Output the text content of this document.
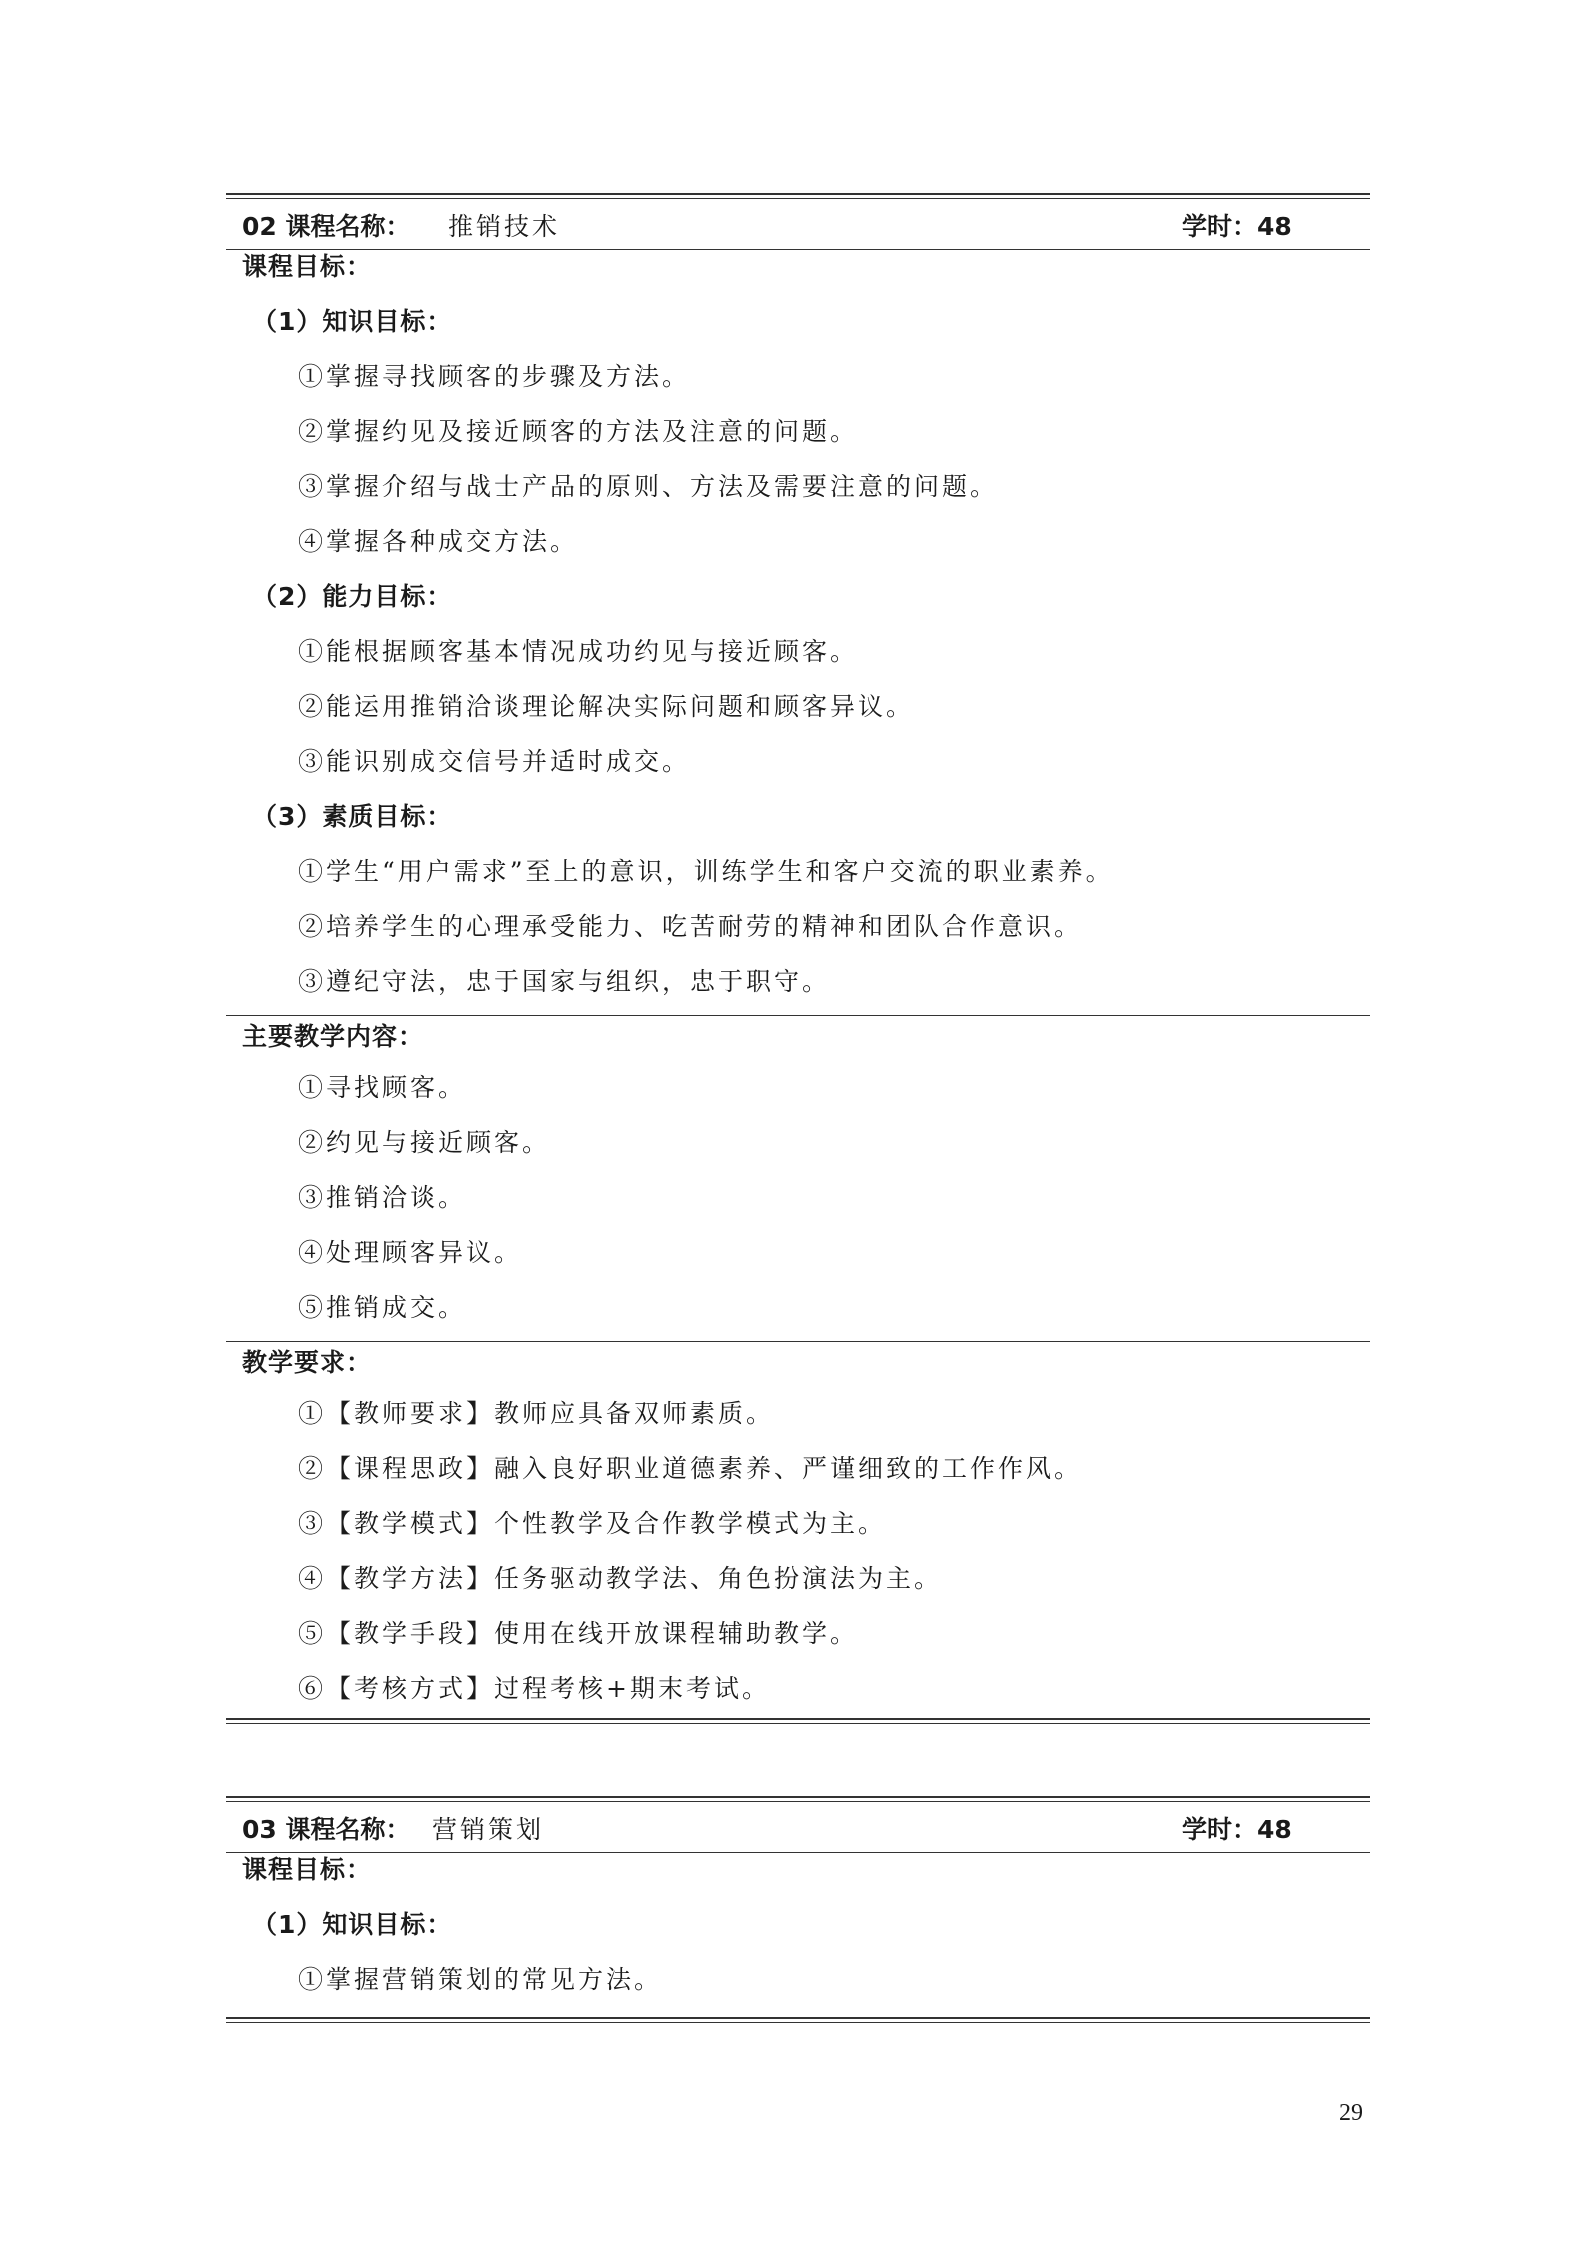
02 课程名称： 推销技术	学时：48
课程目标：
（1）知识目标：
①掌握寻找顾客的步骤及方法。
②掌握约见及接近顾客的方法及注意的问题。
③掌握介绍与战士产品的原则、方法及需要注意的问题。
④掌握各种成交方法。
（2）能力目标：
①能根据顾客基本情况成功约见与接近顾客。
②能运用推销洽谈理论解决实际问题和顾客异议。
③能识别成交信号并适时成交。
（3）素质目标：
①学生“用户需求”至上的意识，训练学生和客户交流的职业素养。
②培养学生的心理承受能力、吃苦耐劳的精神和团队合作意识。
③遵纪守法，忠于国家与组织，忠于职守。
主要教学内容：
①寻找顾客。
②约见与接近顾客。
③推销洽谈。
④处理顾客异议。
⑤推销成交。
教学要求：
①【教师要求】教师应具备双师素质。
②【课程思政】融入良好职业道德素养、严谨细致的工作作风。
③【教学模式】个性教学及合作教学模式为主。
④【教学方法】任务驱动教学法、角色扮演法为主。
⑤【教学手段】使用在线开放课程辅助教学。
⑥【考核方式】过程考核+期末考试。
03 课程名称： 营销策划	学时：48
课程目标：
（1）知识目标：
①掌握营销策划的常见方法。
29
